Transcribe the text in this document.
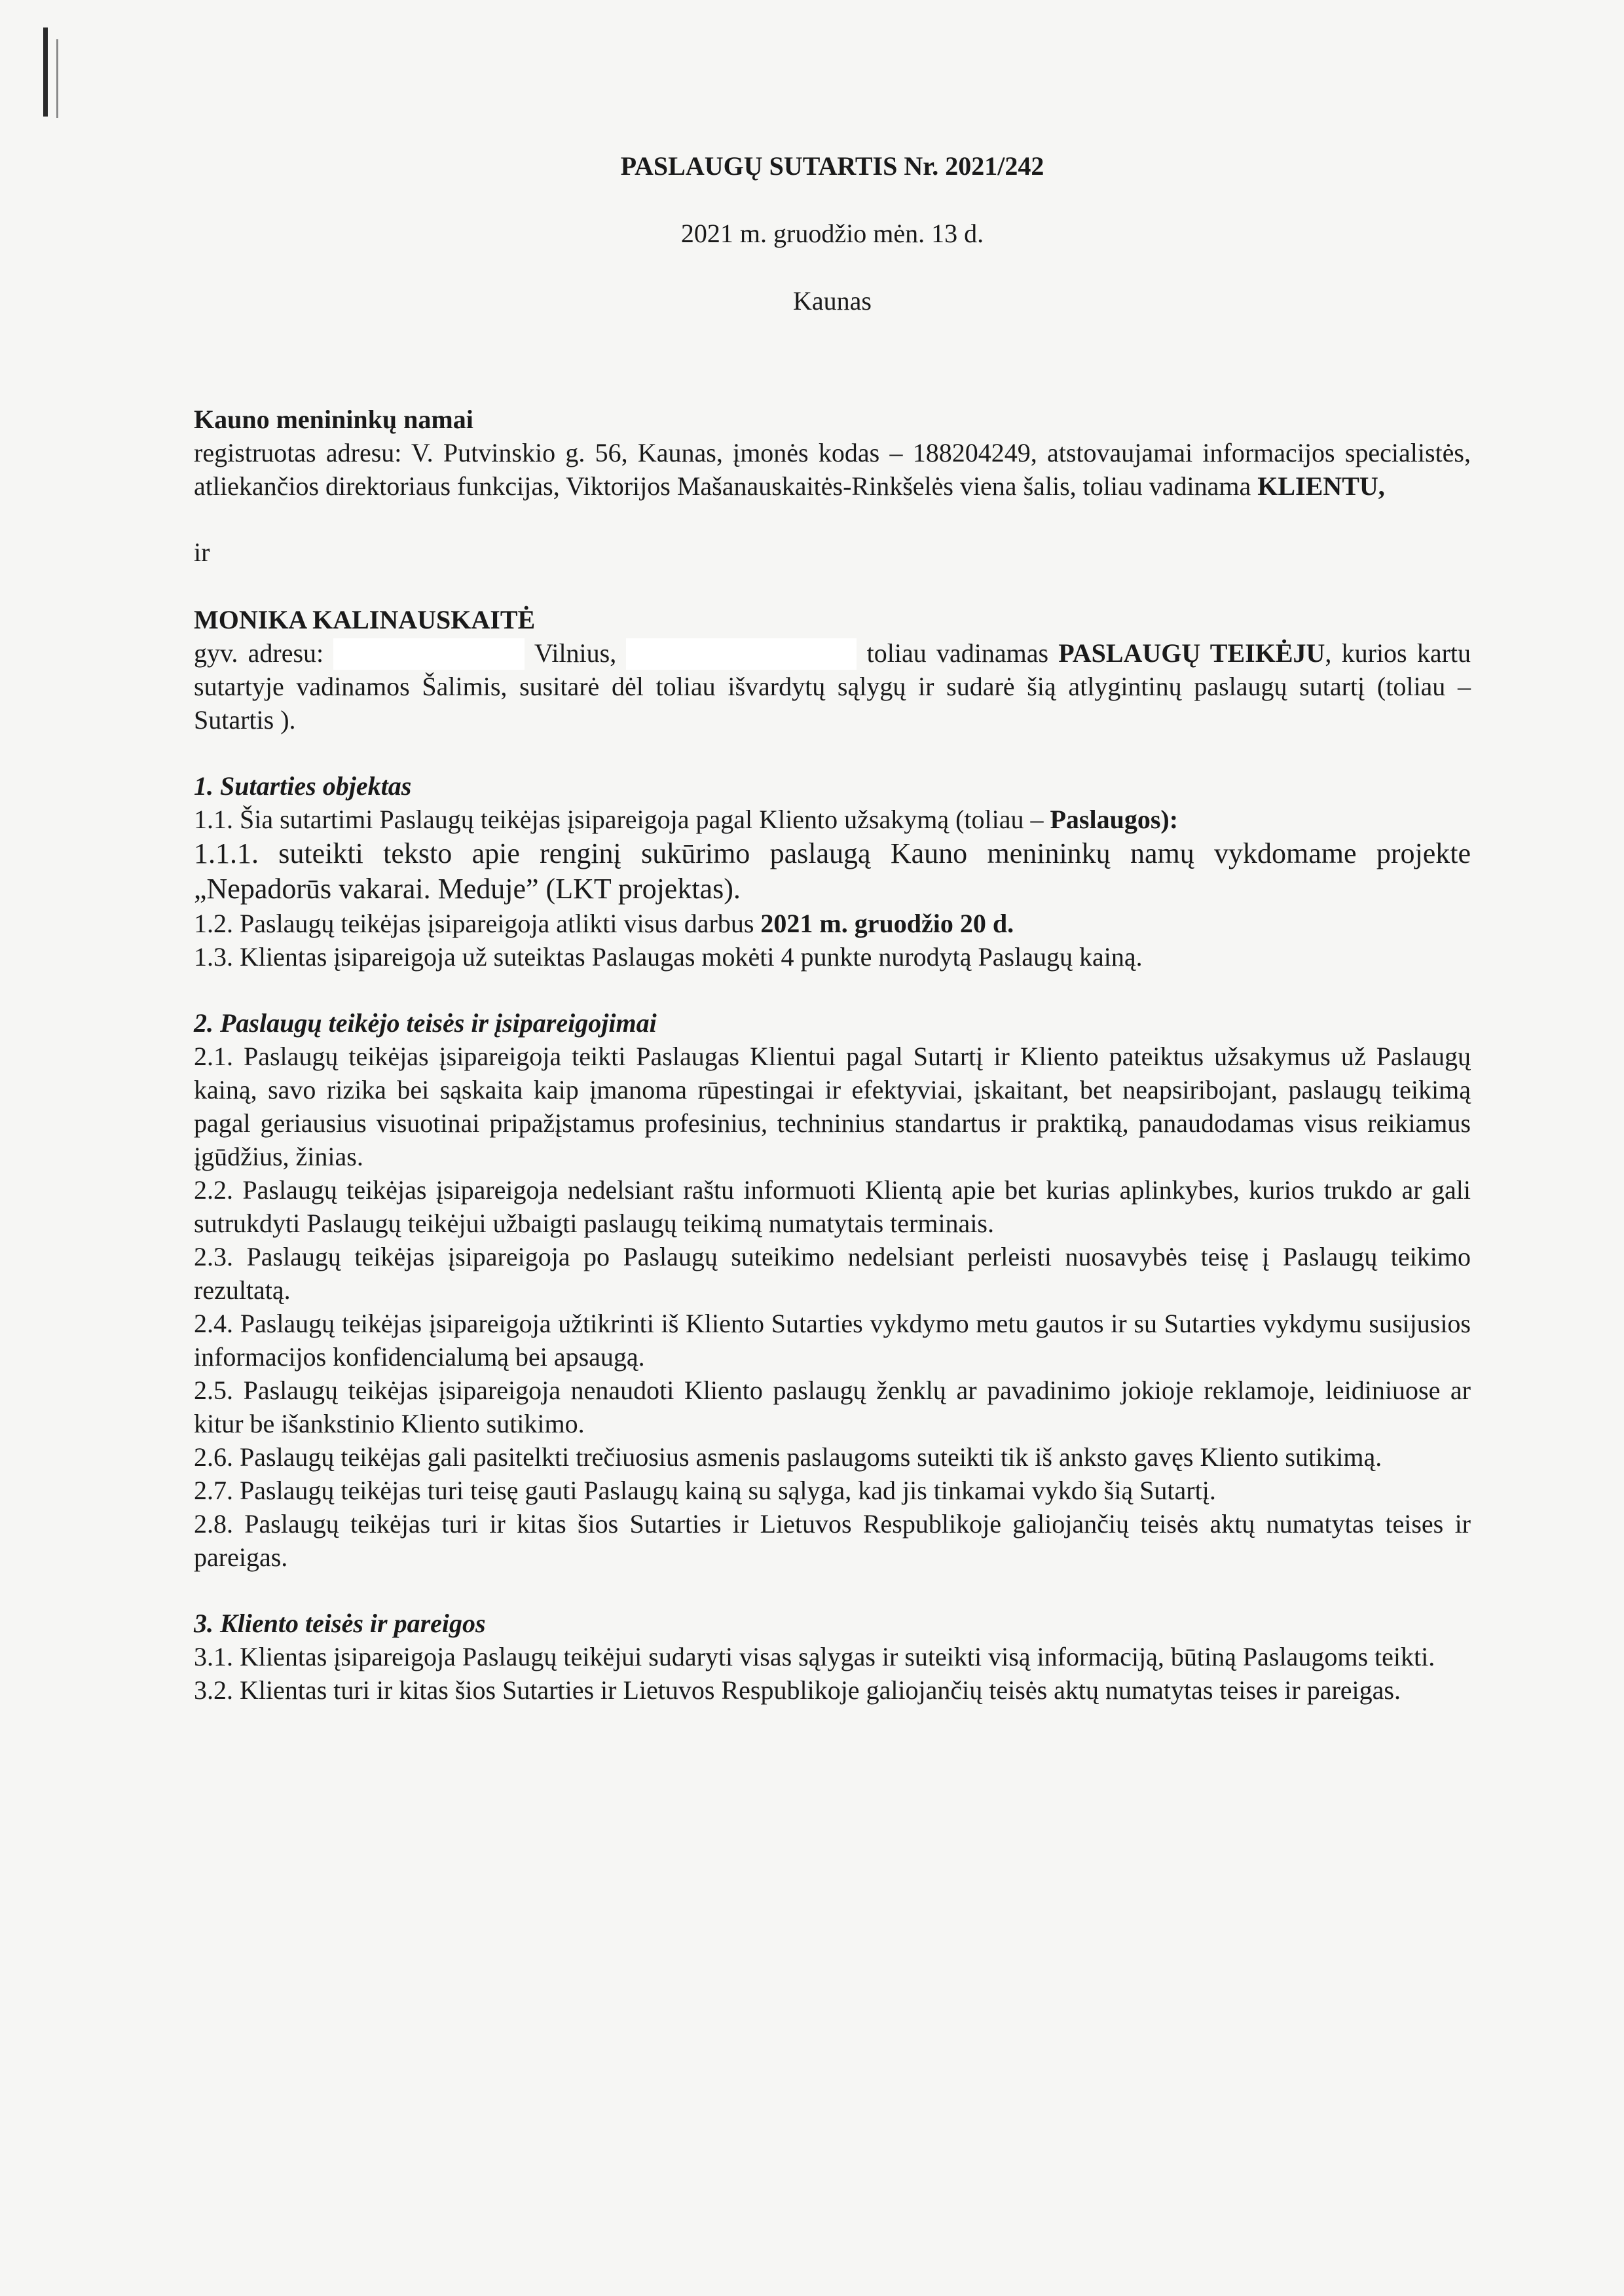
PASLAUGŲ SUTARTIS Nr. 2021/242
2021 m. gruodžio mėn. 13 d.
Kaunas
Kauno menininkų namai
registruotas adresu: V. Putvinskio g. 56, Kaunas, įmonės kodas – 188204249, atstovaujamai informacijos specialistės, atliekančios direktoriaus funkcijas, Viktorijos Mašanauskaitės-Rinkšelės viena šalis, toliau vadinama KLIENTU,
ir
MONIKA KALINAUSKAITĖ
gyv. adresu:	Vilnius,	toliau vadinamas PASLAUGŲ TEIKĖJU, kurios kartu sutartyje vadinamos Šalimis, susitarė dėl toliau išvardytų sąlygų ir sudarė šią atlygintinų paslaugų sutartį (toliau – Sutartis ).
1. Sutarties objektas
1.1. Šia sutartimi Paslaugų teikėjas įsipareigoja pagal Kliento užsakymą (toliau – Paslaugos):
1.1.1. suteikti teksto apie renginį sukūrimo paslaugą Kauno menininkų namų vykdomame projekte „Nepadorūs vakarai. Meduje” (LKT projektas).
1.2. Paslaugų teikėjas įsipareigoja atlikti visus darbus 2021 m. gruodžio 20 d.
1.3. Klientas įsipareigoja už suteiktas Paslaugas mokėti 4 punkte nurodytą Paslaugų kainą.
2. Paslaugų teikėjo teisės ir įsipareigojimai
2.1. Paslaugų teikėjas įsipareigoja teikti Paslaugas Klientui pagal Sutartį ir Kliento pateiktus užsakymus už Paslaugų kainą, savo rizika bei sąskaita kaip įmanoma rūpestingai ir efektyviai, įskaitant, bet neapsiribojant, paslaugų teikimą pagal geriausius visuotinai pripažįstamus profesinius, techninius standartus ir praktiką, panaudodamas visus reikiamus įgūdžius, žinias.
2.2. Paslaugų teikėjas įsipareigoja nedelsiant raštu informuoti Klientą apie bet kurias aplinkybes, kurios trukdo ar gali sutrukdyti Paslaugų teikėjui užbaigti paslaugų teikimą numatytais terminais.
2.3. Paslaugų teikėjas įsipareigoja po Paslaugų suteikimo nedelsiant perleisti nuosavybės teisę į Paslaugų teikimo rezultatą.
2.4. Paslaugų teikėjas įsipareigoja užtikrinti iš Kliento Sutarties vykdymo metu gautos ir su Sutarties vykdymu susijusios informacijos konfidencialumą bei apsaugą.
2.5. Paslaugų teikėjas įsipareigoja nenaudoti Kliento paslaugų ženklų ar pavadinimo jokioje reklamoje, leidiniuose ar kitur be išankstinio Kliento sutikimo.
2.6. Paslaugų teikėjas gali pasitelkti trečiuosius asmenis paslaugoms suteikti tik iš anksto gavęs Kliento sutikimą.
2.7. Paslaugų teikėjas turi teisę gauti Paslaugų kainą su sąlyga, kad jis tinkamai vykdo šią Sutartį.
2.8. Paslaugų teikėjas turi ir kitas šios Sutarties ir Lietuvos Respublikoje galiojančių teisės aktų numatytas teises ir pareigas.
3. Kliento teisės ir pareigos
3.1. Klientas įsipareigoja Paslaugų teikėjui sudaryti visas sąlygas ir suteikti visą informaciją, būtiną Paslaugoms teikti.
3.2. Klientas turi ir kitas šios Sutarties ir Lietuvos Respublikoje galiojančių teisės aktų numatytas teises ir pareigas.
